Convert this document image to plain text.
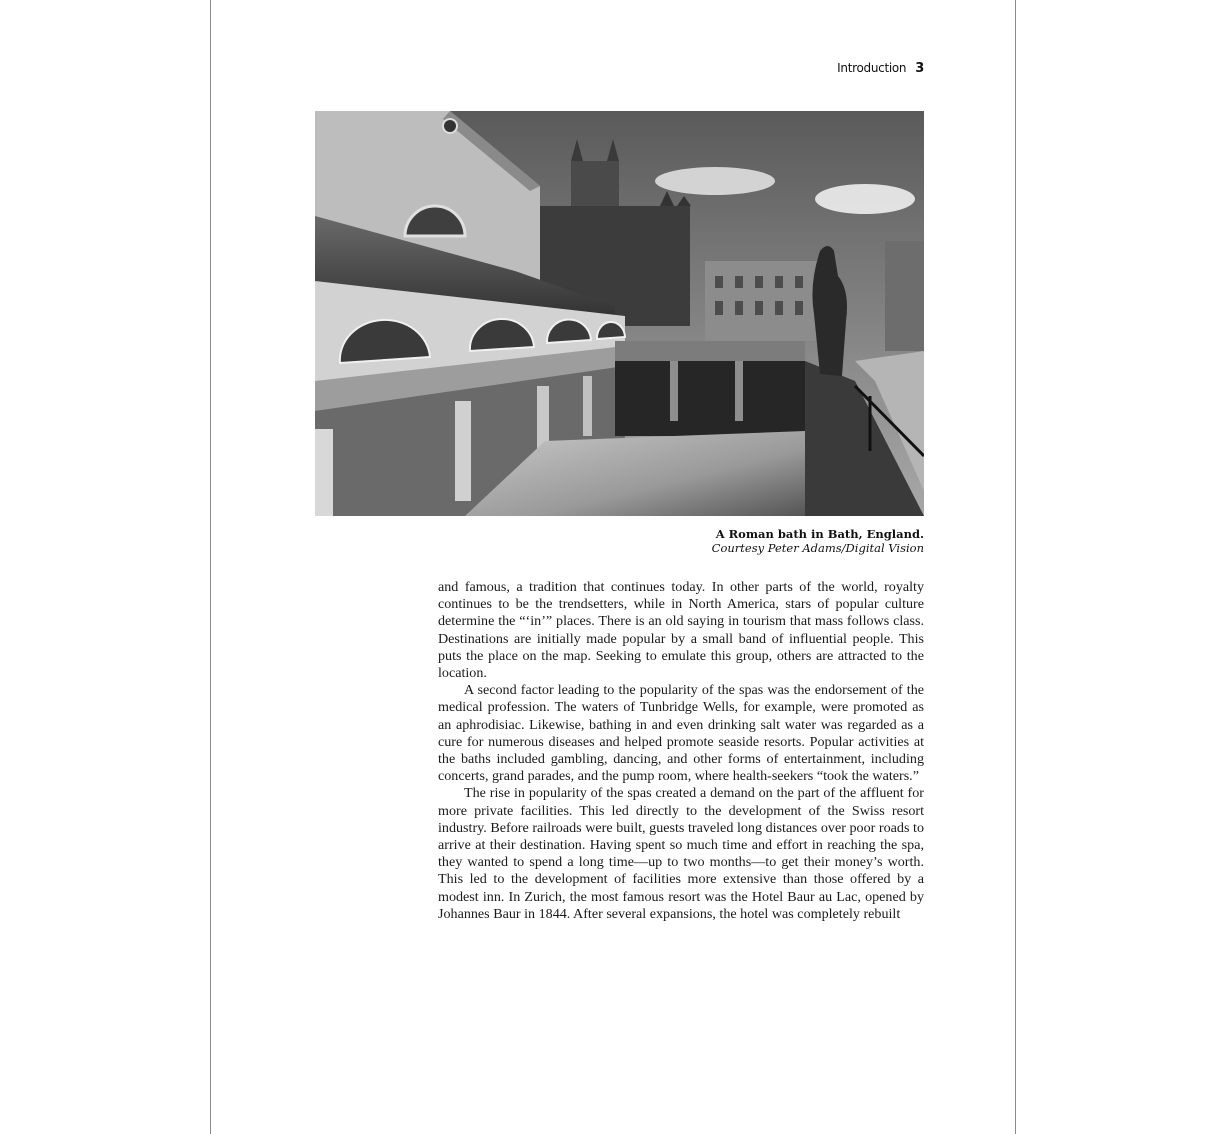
Introduction 3
A Roman bath in Bath, England.
Courtesy Peter Adams/Digital Vision

and famous, a tradition that continues today. In other parts of the world, royalty continues to be the trendsetters, while in North America, stars of popular culture determine the “‘in’” places. There is an old saying in tourism that mass follows class. Destinations are initially made popular by a small band of influential people. This puts the place on the map. Seeking to emulate this group, others are attracted to the location.

A second factor leading to the popularity of the spas was the endorsement of the medical profession. The waters of Tunbridge Wells, for example, were promoted as an aphrodisiac. Likewise, bathing in and even drinking salt water was regarded as a cure for numerous diseases and helped promote seaside resorts. Popular activities at the baths included gambling, dancing, and other forms of entertainment, including concerts, grand parades, and the pump room, where health-seekers “took the waters.”

The rise in popularity of the spas created a demand on the part of the affluent for more private facilities. This led directly to the development of the Swiss resort industry. Before railroads were built, guests traveled long distances over poor roads to arrive at their destination. Having spent so much time and effort in reaching the spa, they wanted to spend a long time—up to two months—to get their money’s worth. This led to the development of facilities more extensive than those offered by a modest inn. In Zurich, the most famous resort was the Hotel Baur au Lac, opened by Johannes Baur in 1844. After several expansions, the hotel was completely rebuilt
